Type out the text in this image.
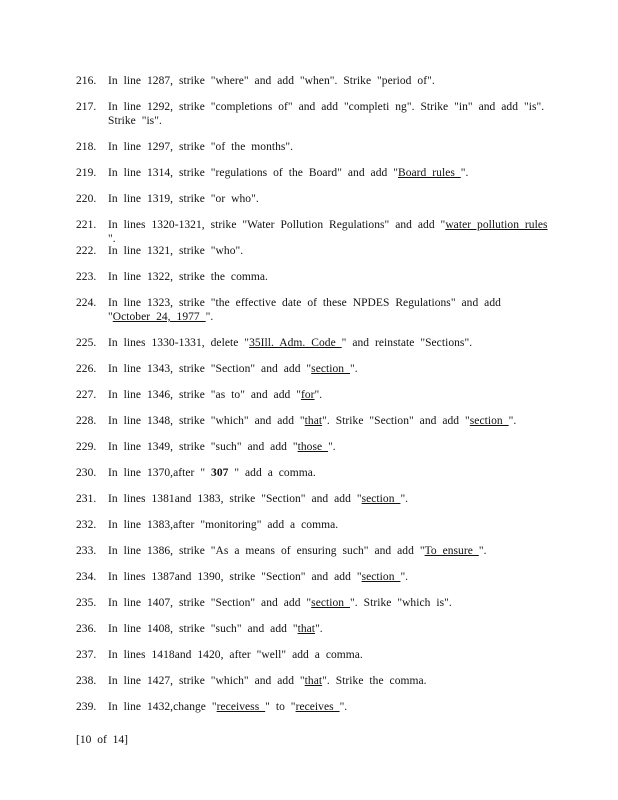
216.	In line 1287, strike "where" and add "when". Strike "period of".
217.	In line 1292, strike "completions of" and add "completi ng". Strike "in" and add "is". Strike "is".
218.	In line 1297, strike "of the months".
219.	In line 1314, strike "regulations of the Board" and add "Board rules ".
220.	In line 1319, strike "or who".
221.	In lines 1320-1321, strike "Water Pollution Regulations" and add "water pollution rules ".
222.	In line 1321, strike "who".
223.	In line 1322, strike the comma.
224.	In line 1323, strike "the effective date of these NPDES Regulations" and add "October 24, 1977 ".
225.	In lines 1330-1331, delete "35Ill. Adm. Code " and reinstate "Sections".
226.	In line 1343, strike "Section" and add "section ".
227.	In line 1346, strike "as to" and add "for".
228.	In line 1348, strike "which" and add "that". Strike "Section" and add "section ".
229.	In line 1349, strike "such" and add "those ".
230.	In line 1370,after " 307 " add a comma.
231.	In lines 1381and 1383, strike "Section" and add "section ".
232.	In line 1383,after "monitoring" add a comma.
233.	In line 1386, strike "As a means of ensuring such" and add "To ensure ".
234.	In lines 1387and 1390, strike "Section" and add "section ".
235.	In line 1407, strike "Section" and add "section ". Strike "which is".
236.	In line 1408, strike "such" and add "that".
237.	In lines 1418and 1420, after "well" add a comma.
238.	In line 1427, strike "which" and add "that". Strike the comma.
239.	In line 1432,change "receivess " to "receives ".
[10 of 14]
